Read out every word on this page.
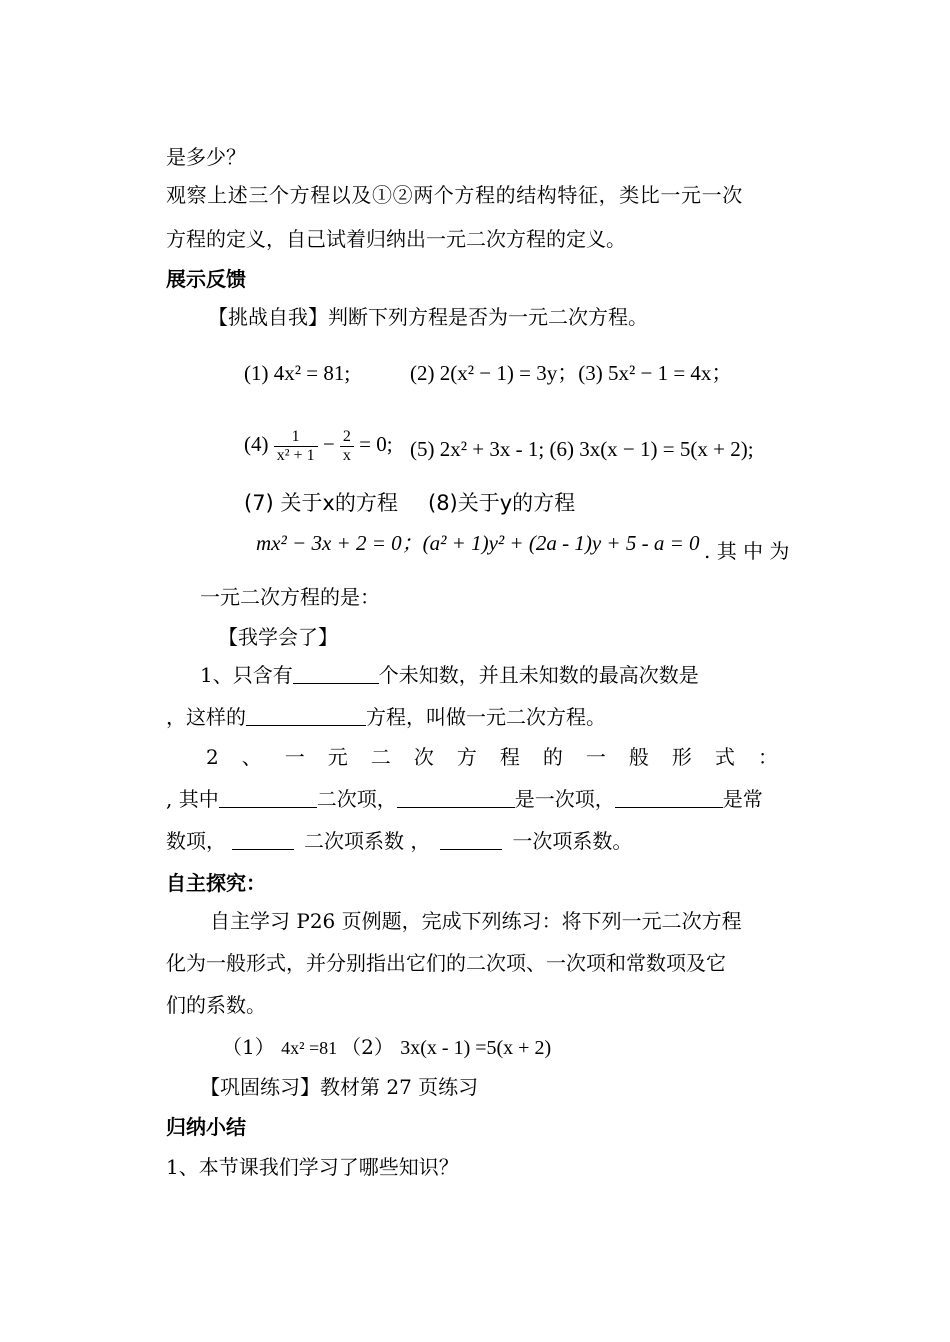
是多少？
观察上述三个方程以及①②两个方程的结构特征，类比一元一次
方程的定义，自己试着归纳出一元二次方程的定义。
展示反馈
【挑战自我】判断下列方程是否为一元二次方程。
(1) 4x² = 81;	(2) 2(x² − 1) = 3y；(3) 5x² − 1 = 4x；
$(4) \frac{1}{\text{x² + 1}} - \frac{2}{x} = 0$; (5) 2x² + 3x - 1; (6) 3x(x − 1) = 5(x + 2);
(7) 关于x的方程 (8)关于y的方程
mx² − 3x + 2 = 0；(a² + 1)y² + (2a - 1)y + 5 - a = 0 . 其 中 为
一元二次方程的是：
【我学会了】
1、只含有	个未知数，并且未知数的最高次数是
，这样的	方程，叫做一元二次方程。
2 、 一 元 二 次 方 程 的 一 般 形 式 ：
, 其中	二次项，	是一次项，	是常
数项，	二次项系数 ，	一次项系数。
自主探究：
自主学习 P26 页例题，完成下列练习：将下列一元二次方程
化为一般形式，并分别指出它们的二次项、一次项和常数项及它
们的系数。
（1） 4x² =81 （2） 3x(x - 1) =5(x + 2)
【巩固练习】教材第 27 页练习
归纳小结
1、本节课我们学习了哪些知识？
